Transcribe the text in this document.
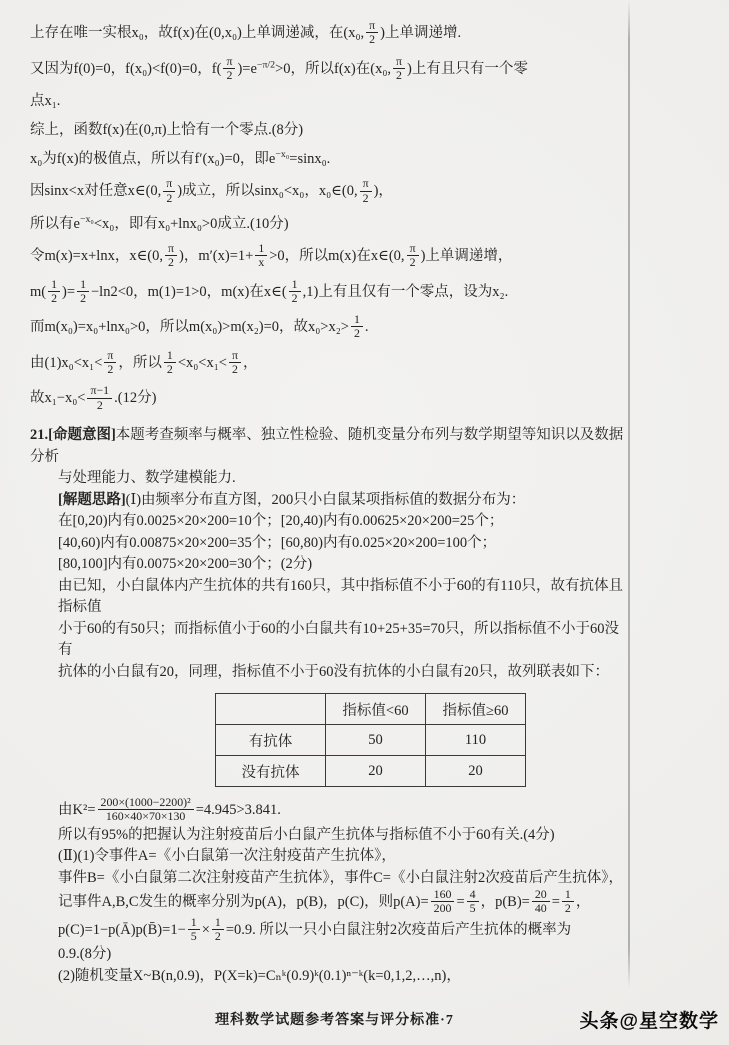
上存在唯一实根x₀，故f(x)在(0,x₀)上单调递减，在(x₀, $\frac{\pi}{2}$ )上单调递增.
又因为f(0)=0，f(x₀)<f(0)=0，$f( \frac{\pi}{2} )=e^{-\pi/2}>0$，所以f(x)在(x₀, $\frac{\pi}{2}$ )上有且只有一个零
点x₁.
综上，函数f(x)在(0,π)上恰有一个零点.(8分)
x₀为f(x)的极值点，所以有f′(x₀)=0，即$e^{-x_0}=\sin x_0$.
因sinx<x对任意x∈(0, $\frac{\pi}{2}$ )成立，所以sinx₀<x₀，x₀∈(0, $\frac{\pi}{2}$ )，
所以有$e^{-x_0}<x_0$，即有x₀+lnx₀>0成立.(10分)
令m(x)=x+lnx，x∈(0, $\frac{\pi}{2}$ )，$m'(x)=1+ \frac{1}{x} >0$，所以m(x)在x∈(0, $\frac{\pi}{2}$ )上单调递增，
$m( \frac{1}{2}$ )= $\frac{1}{2} -\ln 2<0$，m(1)=1>0，m(x)在x∈( $\frac{1}{2} ,1$)上有且仅有一个零点，设为x₂.
而m(x₀)=x₀+lnx₀>0，所以m(x₀)>m(x₂)=0，故$x_0>x_2> \frac{1}{2}$ .
由$(1)x_0<x_1< \frac{\pi}{2}$ ，所以 $\frac{1}{2} <x_0<x_1< \frac{\pi}{2}$ ，
故$x_1-x_0< \frac{\pi-1}{2} .(12$分)
21.[命题意图]本题考查频率与概率、独立性检验、随机变量分布列与数学期望等知识以及数据分析
与处理能力、数学建模能力.
[解题思路](Ⅰ)由频率分布直方图，200只小白鼠某项指标值的数据分布为：
在[0,20)内有0.0025×20×200=10个；[20,40)内有0.00625×20×200=25个；
[40,60)内有0.00875×20×200=35个；[60,80)内有0.025×20×200=100个；
[80,100]内有0.0075×20×200=30个；(2分)
由已知，小白鼠体内产生抗体的共有160只，其中指标值不小于60的有110只，故有抗体且指标值
小于60的有50只；而指标值小于60的小白鼠共有10+25+35=70只，所以指标值不小于60没有
抗体的小白鼠有20，同理，指标值不小于60没有抗体的小白鼠有20只，故列联表如下：
	指标值<60	指标值≥60
有抗体	50	110
没有抗体	20	20
由$K^2= \frac{\text{200×(1000−2200)²}}{160\times 40\times 70\times 130} =4.945>3.841$.
所以有95%的把握认为注射疫苗后小白鼠产生抗体与指标值不小于60有关.(4分)
(Ⅱ)(1)令事件A=《小白鼠第一次注射疫苗产生抗体》，
事件B=《小白鼠第二次注射疫苗产生抗体》，事件C=《小白鼠注射2次疫苗后产生抗体》，
记事件A,B,C发生的概率分别为p(A)，p(B)，p(C)，则$p(A)= \frac{160}{200} = \frac{4}{5}$ ，$p(B)= \frac{20}{40} = \frac{1}{2}$ ，
p(C)=1−p(Ā)p(B̄)=1− $\frac{1}{5} \times \frac{1}{2} =0.9$. 所以一只小白鼠注射2次疫苗后产生抗体的概率为
0.9.(8分)
(2)随机变量X~B(n,0.9)，P(X=k)=Cₙᵏ(0.9)ᵏ(0.1)ⁿ⁻ᵏ(k=0,1,2,…,n)，
理科数学试题参考答案与评分标准·7	头条@星空数学
